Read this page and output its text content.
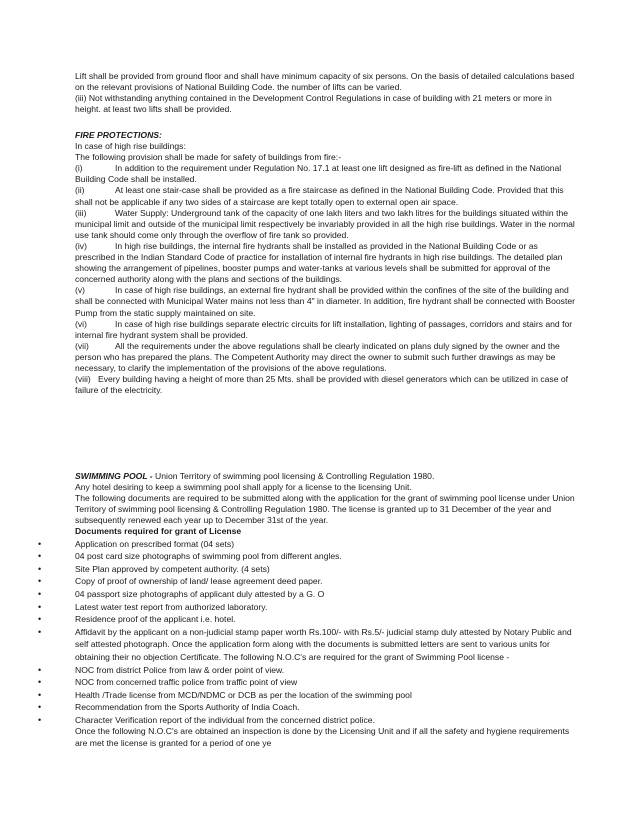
Lift shall be provided from ground floor and shall have minimum capacity of six persons. On the basis of detailed calculations based on the relevant provisions of National Building Code. the number of lifts can be varied.

(iii) Not withstanding anything contained in the Development Control Regulations in case of building with 21 meters or more in height. at least two lifts shall be provided.

FIRE PROTECTIONS:

In case of high rise buildings:

The following provision shall be made for safety of buildings from fire:-

(i)	In addition to the requirement under Regulation No. 17.1 at least one lift designed as fire-lift as defined in the National Building Code shall be installed.

(ii)	At least one stair-case shall be provided as a fire staircase as defined in the National Building Code. Provided that this shall not be applicable if any two sides of a staircase are kept totally open to external open air space.

(iii)	Water Supply: Underground tank of the capacity of one lakh liters and two lakh litres for the buildings situated within the municipal limit and outside of the municipal limit respectively be invariably provided in all the high rise buildings. Water in the normal use tank should come only through the overflow of fire tank so provided.

(iv)	In high rise buildings, the internal fire hydrants shall be installed as provided in the National Building Code or as prescribed in the Indian Standard Code of practice for installation of internal fire hydrants in high rise buildings. The detailed plan showing the arrangement of pipelines, booster pumps and water-tanks at various levels shall be submitted for approval of the concerned authority along with the plans and sections of the buildings.

(v)	In case of high rise buildings, an external fire hydrant shall be provided within the confines of the site of the building and shall be connected with Municipal Water mains not less than 4" in diameter. In addition, fire hydrant shall be connected with Booster Pump from the static supply maintained on site.

(vi)	In case of high rise buildings separate electric circuits for lift installation, lighting of passages, corridors and stairs and for internal fire hydrant system shall be provided.

(vii)	All the requirements under the above regulations shall be clearly indicated on plans duly signed by the owner and the person who has prepared the plans. The Competent Authority may direct the owner to submit such further drawings as may be necessary, to clarify the implementation of the provisions of the above regulations.

(viii) Every building having a height of more than 25 Mts. shall be provided with diesel generators which can be utilized in case of failure of the electricity.

SWIMMING POOL - Union Territory of swimming pool licensing & Controlling Regulation 1980.

Any hotel desiring to keep a swimming pool shall apply for a license to the licensing Unit.

The following documents are required to be submitted along with the application for the grant of swimming pool license under Union Territory of swimming pool licensing & Controlling Regulation 1980. The license is granted up to 31 December of the year and subsequently renewed each year up to December 31st of the year.

Documents required for grant of License

•	Application on prescribed format (04 sets)
•	04 post card size photographs of swimming pool from different angles.
•	Site Plan approved by competent authority. (4 sets)
•	Copy of proof of ownership of land/ lease agreement deed paper.
•	04 passport size photographs of applicant duly attested by a G. O
•	Latest water test report from authorized laboratory.
•	Residence proof of the applicant i.e. hotel.
•	Affidavit by the applicant on a non-judicial stamp paper worth Rs.100/- with Rs.5/- judicial stamp duly attested by Notary Public and self attested photograph. Once the application form along with the documents is submitted letters are sent to various units for obtaining their no objection Certificate. The following N.O.C's are required for the grant of Swimming Pool license -
•	NOC from district Police from law & order point of view.
•	NOC from concerned traffic police from traffic point of view
•	Health /Trade license from MCD/NDMC or DCB as per the location of the swimming pool
•	Recommendation from the Sports Authority of India Coach.
•	Character Verification report of the individual from the concerned district police.

Once the following N.O.C's are obtained an inspection is done by the Licensing Unit and if all the safety and hygiene requirements are met the license is granted for a period of one ye
